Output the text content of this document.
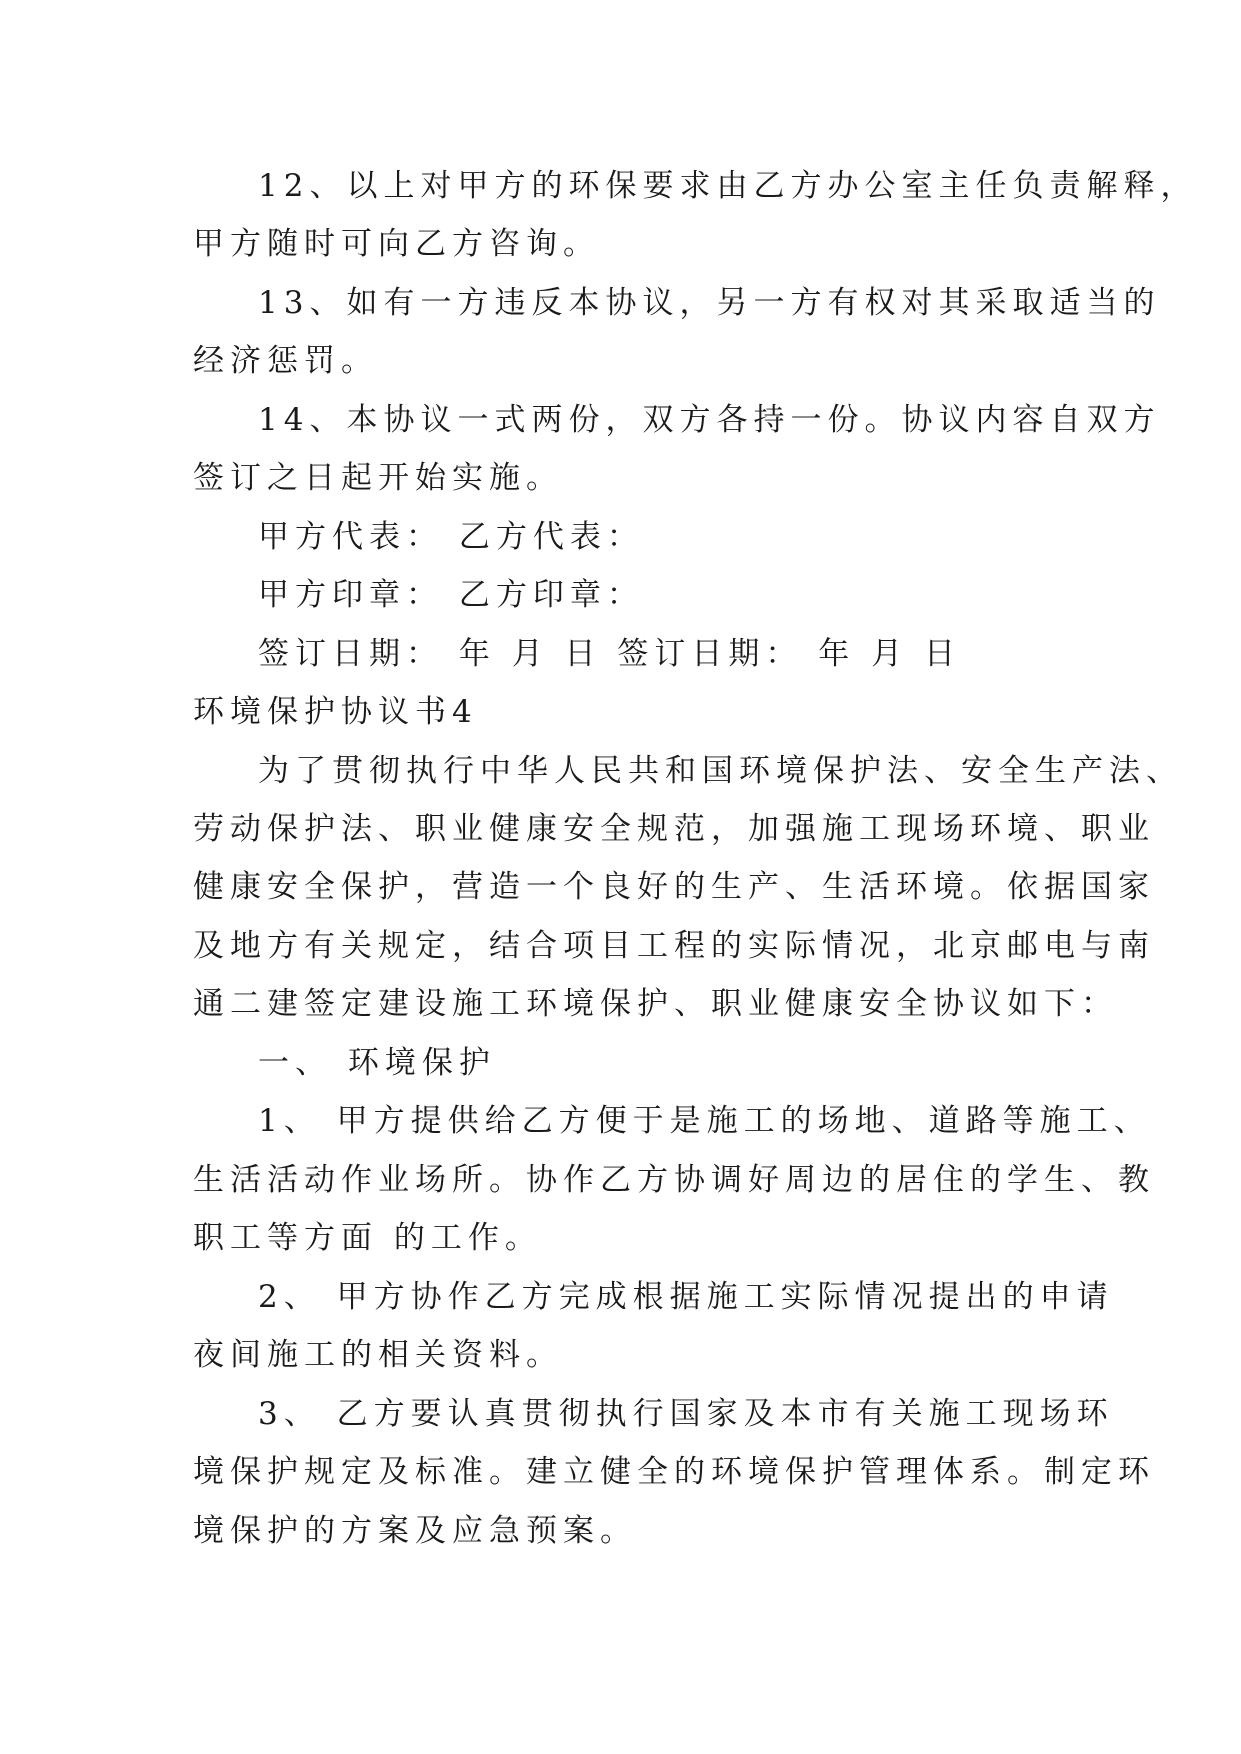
12、以上对甲方的环保要求由乙方办公室主任负责解释，
甲方随时可向乙方咨询。
13、如有一方违反本协议，另一方有权对其采取适当的
经济惩罚。
14、本协议一式两份，双方各持一份。协议内容自双方
签订之日起开始实施。
甲方代表： 乙方代表：
甲方印章： 乙方印章：
签订日期： 年 月 日 签订日期： 年 月 日
环境保护协议书4
为了贯彻执行中华人民共和国环境保护法、安全生产法、
劳动保护法、职业健康安全规范，加强施工现场环境、职业
健康安全保护，营造一个良好的生产、生活环境。依据国家
及地方有关规定，结合项目工程的实际情况，北京邮电与南
通二建签定建设施工环境保护、职业健康安全协议如下：
一、 环境保护
1、 甲方提供给乙方便于是施工的场地、道路等施工、
生活活动作业场所。协作乙方协调好周边的居住的学生、教
职工等方面 的工作。
2、 甲方协作乙方完成根据施工实际情况提出的申请
夜间施工的相关资料。
3、 乙方要认真贯彻执行国家及本市有关施工现场环
境保护规定及标准。建立健全的环境保护管理体系。制定环
境保护的方案及应急预案。
